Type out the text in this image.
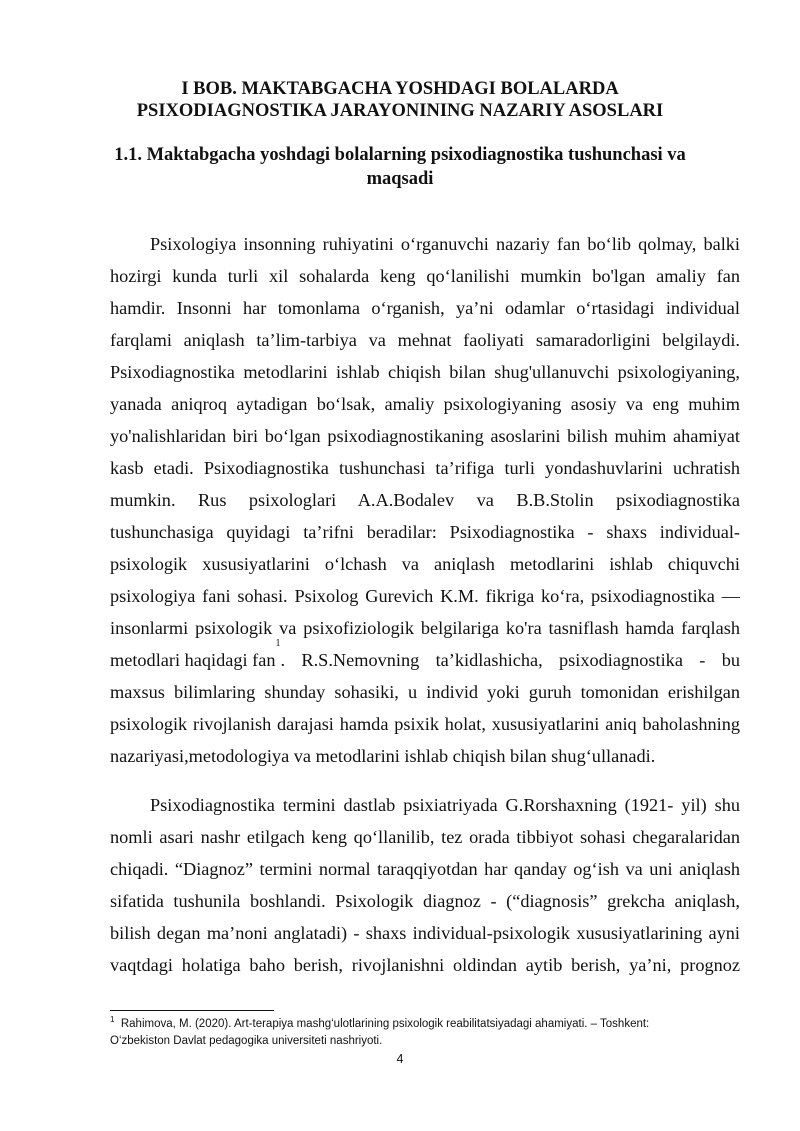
I BOB. MAKTABGACHA YOSHDAGI BOLALARDA
PSIXODIAGNOSTIKA JARAYONINING NAZARIY ASOSLARI
1.1. Maktabgacha yoshdagi bolalarning psixodiagnostika tushunchasi va
maqsadi
Psixologiya insonning ruhiyatini o‘rganuvchi nazariy fan bo‘lib qolmay, balki
hozirgi kunda turli xil sohalarda keng qo‘lanilishi mumkin bo'lgan amaliy fan
hamdir. Insonni har tomonlama o‘rganish, ya’ni odamlar o‘rtasidagi individual
farqlami aniqlash ta’lim-tarbiya va mehnat faoliyati samaradorligini belgilaydi.
Psixodiagnostika metodlarini ishlab chiqish bilan shug'ullanuvchi psixologiyaning,
yanada aniqroq aytadigan bo‘lsak, amaliy psixologiyaning asosiy va eng muhim
yo'nalishlaridan biri bo‘lgan psixodiagnostikaning asoslarini bilish muhim ahamiyat
kasb etadi. Psixodiagnostika tushunchasi ta’rifiga turli yondashuvlarini uchratish
mumkin. Rus psixologlari A.A.Bodalev va B.B.Stolin psixodiagnostika
tushunchasiga quyidagi ta’rifni beradilar: Psixodiagnostika - shaxs individual-
psixologik xususiyatlarini o‘lchash va aniqlash metodlarini ishlab chiquvchi
psixologiya fani sohasi. Psixolog Gurevich K.M. fikriga ko‘ra, psixodiagnostika —
insonlarmi psixologik va psixofiziologik belgilariga ko'ra tasniflash hamda farqlash
metodlari haqidagi fan
1
. R.S.Nemovning ta’kidlashicha, psixodiagnostika - bu
maxsus bilimlaring shunday sohasiki, u individ yoki guruh tomonidan erishilgan
psixologik rivojlanish darajasi hamda psixik holat, xususiyatlarini aniq baholashning
nazariyasi,metodologiya va metodlarini ishlab chiqish bilan shug‘ullanadi.
Psixodiagnostika termini dastlab psixiatriyada G.Rorshaxning (1921- yil) shu
nomli asari nashr etilgach keng qo‘llanilib, tez orada tibbiyot sohasi chegaralaridan
chiqadi. “Diagnoz” termini normal taraqqiyotdan har qanday og‘ish va uni aniqlash
sifatida tushunila boshlandi. Psixologik diagnoz - (“diagnosis” grekcha aniqlash,
bilish degan ma’noni anglatadi) - shaxs individual-psixologik xususiyatlarining ayni
vaqtdagi holatiga baho berish, rivojlanishni oldindan aytib berish, ya’ni, prognoz
$^1$ Rahimova, M. (2020). Art-terapiya mashg‘ulotlarining psixologik reabilitatsiyadagi ahamiyati. – Toshkent:
O‘zbekiston Davlat pedagogika universiteti nashriyoti.
4
